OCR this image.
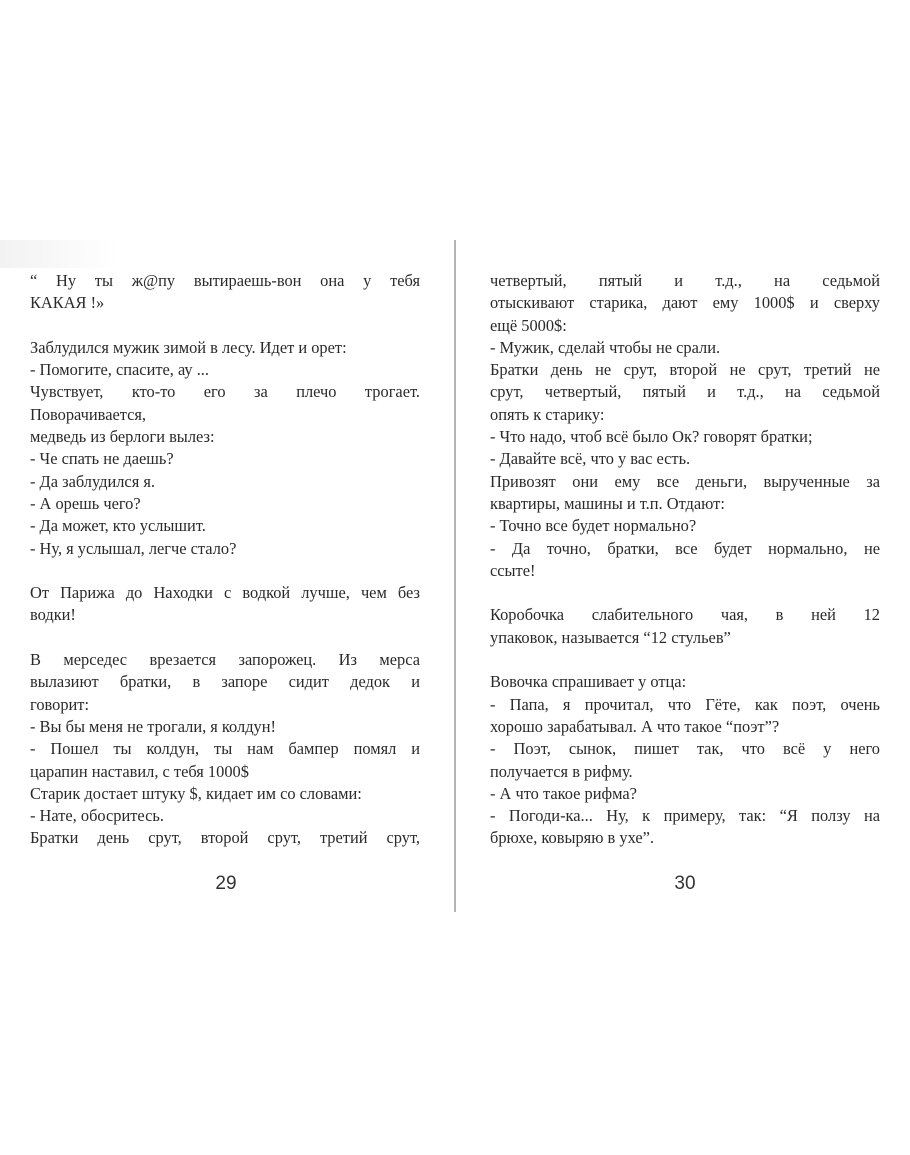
“ Ну ты ж@пу вытираешь-вон она у тебя
КАКАЯ !»
Заблудился мужик зимой в лесу. Идет и орет:
- Помогите, спасите, ау ...
Чувствует, кто-то его за плечо трогает.
Поворачивается,
медведь из берлоги вылез:
- Че спать не даешь?
- Да заблудился я.
- А орешь чего?
- Да может, кто услышит.
- Ну, я услышал, легче стало?
От Парижа до Находки с водкой лучше, чем без
водки!
В мерседес врезается запорожец. Из мерса
вылазиют братки, в запоре сидит дедок и
говорит:
- Вы бы меня не трогали, я колдун!
- Пошел ты колдун, ты нам бампер помял и
царапин наставил, с тебя 1000$
Старик достает штуку $, кидает им со словами:
- Нате, обосритесь.
Братки день срут, второй срут, третий срут,
четвертый, пятый и т.д., на седьмой
отыскивают старика, дают ему 1000$ и сверху
ещё 5000$:
- Мужик, сделай чтобы не срали.
Братки день не срут, второй не срут, третий не
срут, четвертый, пятый и т.д., на седьмой
опять к старику:
- Что надо, чтоб всё было Ок? говорят братки;
- Давайте всё, что у вас есть.
Привозят они ему все деньги, вырученные за
квартиры, машины и т.п. Отдают:
- Точно все будет нормально?
- Да точно, братки, все будет нормально, не
ссыте!
Коробочка слабительного чая, в ней 12
упаковок, называется “12 стульев”
Вовочка спрашивает у отца:
- Папа, я прочитал, что Гёте, как поэт, очень
хорошо зарабатывал. А что такое “поэт”?
- Поэт, сынок, пишет так, что всё у него
получается в рифму.
- А что такое рифма?
- Погоди-ка... Ну, к примеру, так: “Я ползу на
брюхе, ковыряю в ухе”.
29	30
